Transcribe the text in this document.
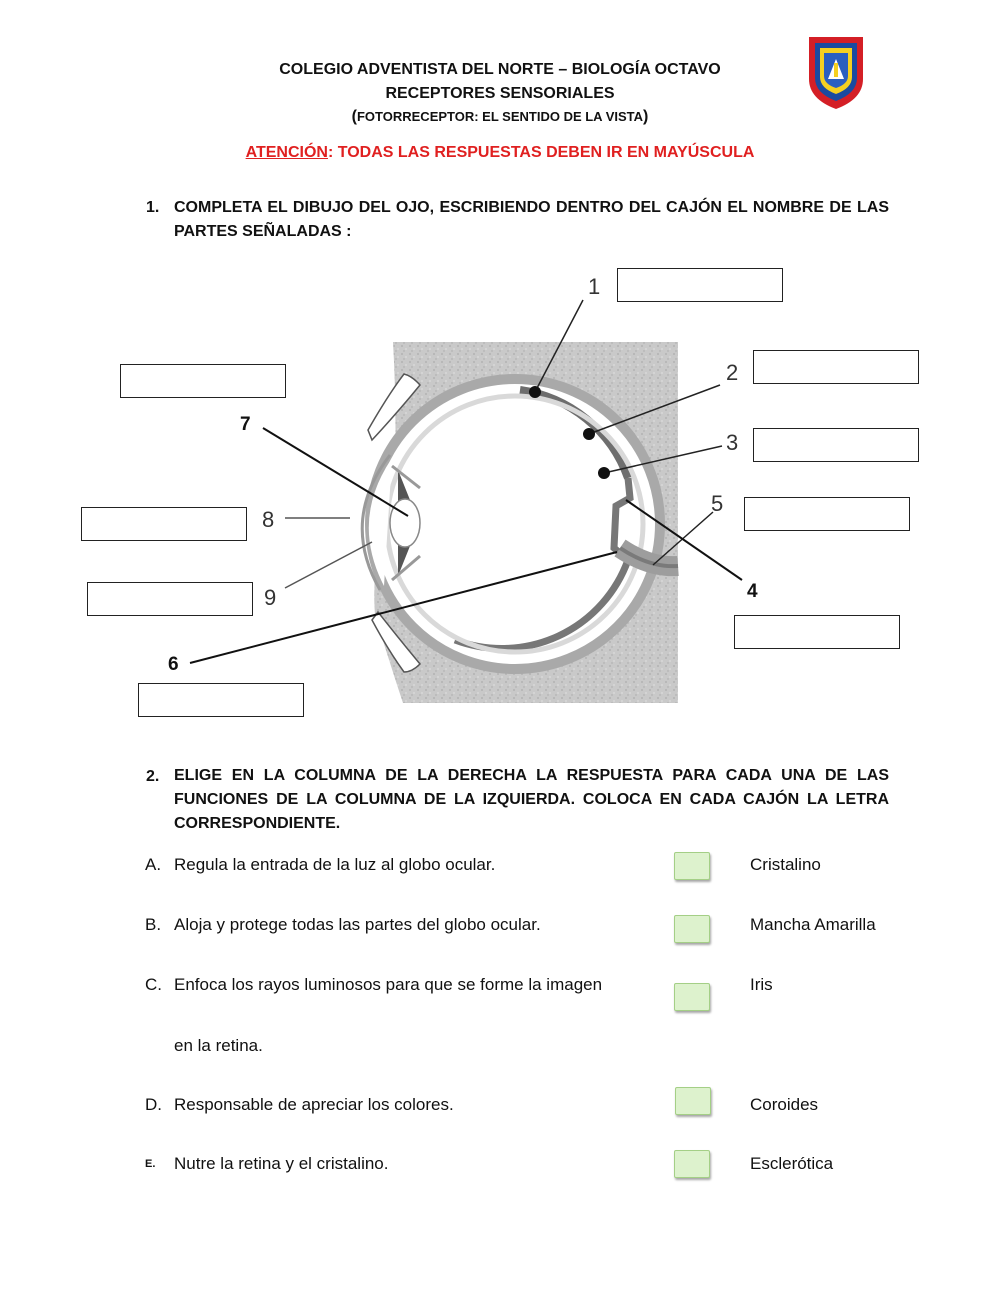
COLEGIO ADVENTISTA DEL NORTE – BIOLOGÍA OCTAVO
RECEPTORES SENSORIALES
(FOTORRECEPTOR: EL SENTIDO DE LA VISTA)
ATENCIÓN: TODAS LAS RESPUESTAS DEBEN IR EN MAYÚSCULA
1. COMPLETA EL DIBUJO DEL OJO, ESCRIBIENDO DENTRO DEL CAJÓN EL NOMBRE DE LAS PARTES SEÑALADAS :
1
2
3
4
5
6
7
8
9
2. ELIGE EN LA COLUMNA DE LA DERECHA LA RESPUESTA PARA CADA UNA DE LAS FUNCIONES DE LA COLUMNA DE LA IZQUIERDA. COLOCA EN CADA CAJÓN LA LETRA CORRESPONDIENTE.
A. Regula la entrada de la luz al globo ocular.
B. Aloja y protege todas las partes del globo ocular.
C. Enfoca los rayos luminosos para que se forme la imagen
en la retina.
D. Responsable de apreciar los colores.
E. Nutre la retina y el cristalino.
Cristalino
Mancha Amarilla
Iris
Coroides
Esclerótica
